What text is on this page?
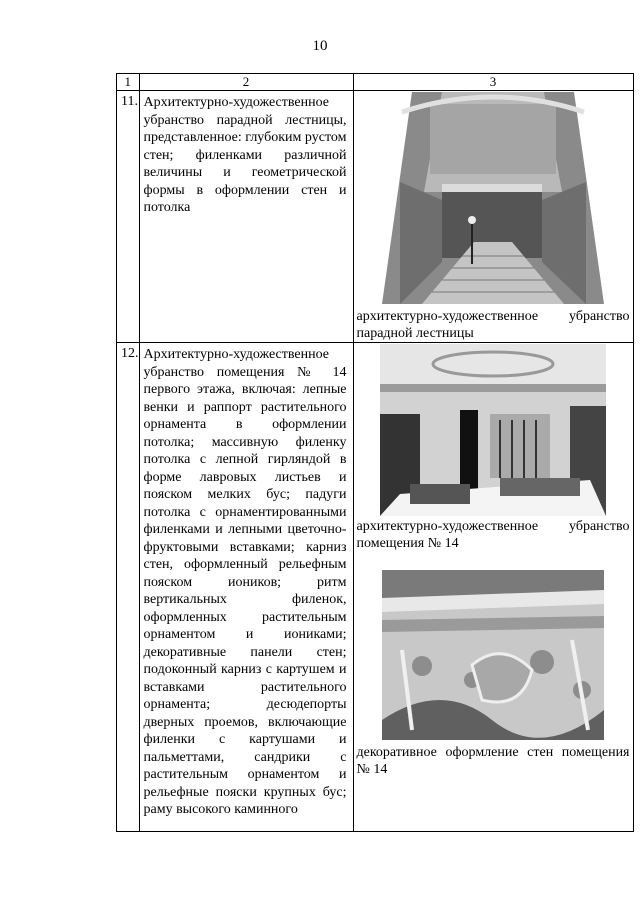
10
1	2	3
11.	Архитектурно-художественное убранство парадной лестницы, представленное: глубоким рустом стен; филенками различной величины и геометрической формы в оформлении стен и потолка	архитектурно-художественное убранство парадной лестницы

12.	Архитектурно-художественное убранство помещения № 14 первого этажа, включая: лепные венки и раппорт растительного орнамента в оформлении потолка; массивную филенку потолка с лепной гирляндой в форме лавровых листьев и пояском мелких бус; падуги потолка с орнаментированными филенками и лепными цветочно-фруктовыми вставками; карниз стен, оформленный рельефным пояском иоников; ритм вертикальных филенок, оформленных растительным орнаментом и иониками; декоративные панели стен; подоконный карниз с картушем и вставками растительного орнамента; десюдепорты дверных проемов, включающие филенки с картушами и пальметтами, сандрики с растительным орнаментом и рельефные пояски крупных бус; раму высокого каминного	архитектурно-художественное убранство помещения № 14
декоративное оформление стен помещения № 14
